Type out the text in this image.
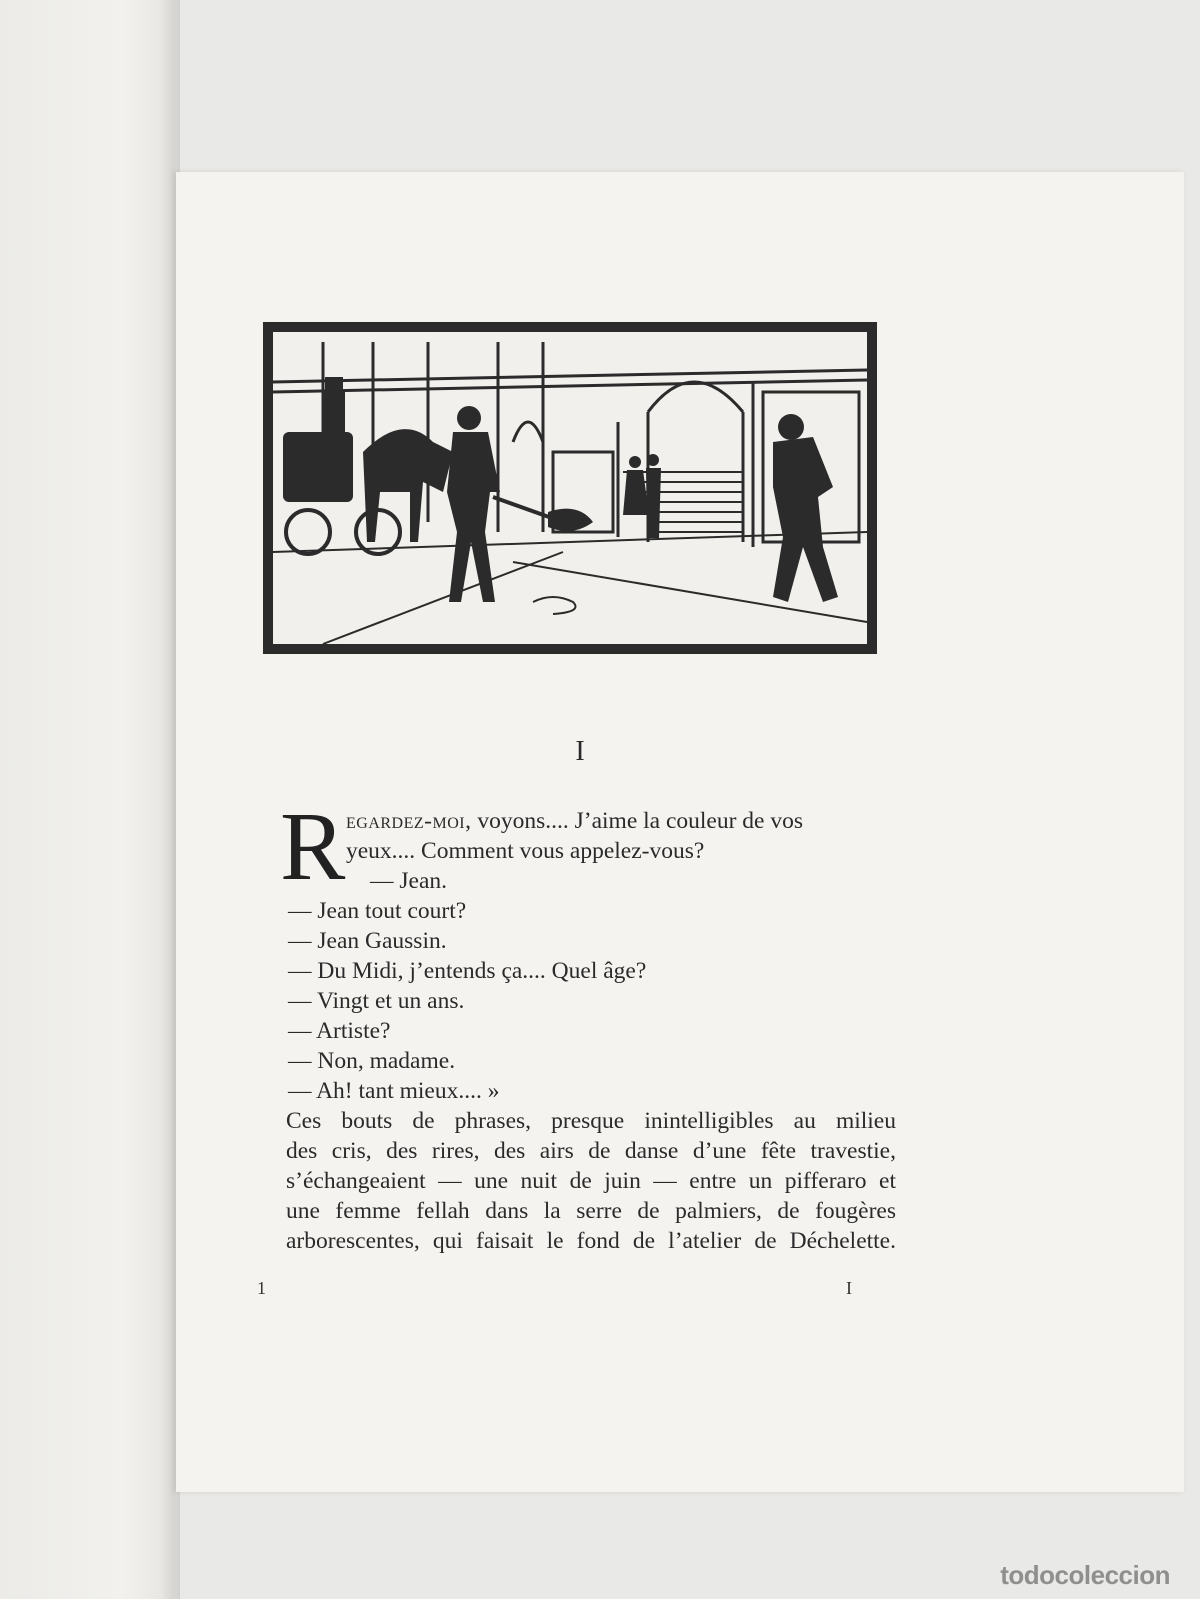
I
R egardez-moi, voyons.... J’aime la couleur de vos
yeux.... Comment vous appelez-vous?
— Jean.
— Jean tout court?
— Jean Gaussin.
— Du Midi, j’entends ça.... Quel âge?
— Vingt et un ans.
— Artiste?
— Non, madame.
— Ah! tant mieux.... »
Ces bouts de phrases, presque inintelligibles au milieu
des cris, des rires, des airs de danse d’une fête travestie,
s’échangeaient — une nuit de juin — entre un pifferaro et
une femme fellah dans la serre de palmiers, de fougères
arborescentes, qui faisait le fond de l’atelier de Déchelette.
1	I
todocoleccion
